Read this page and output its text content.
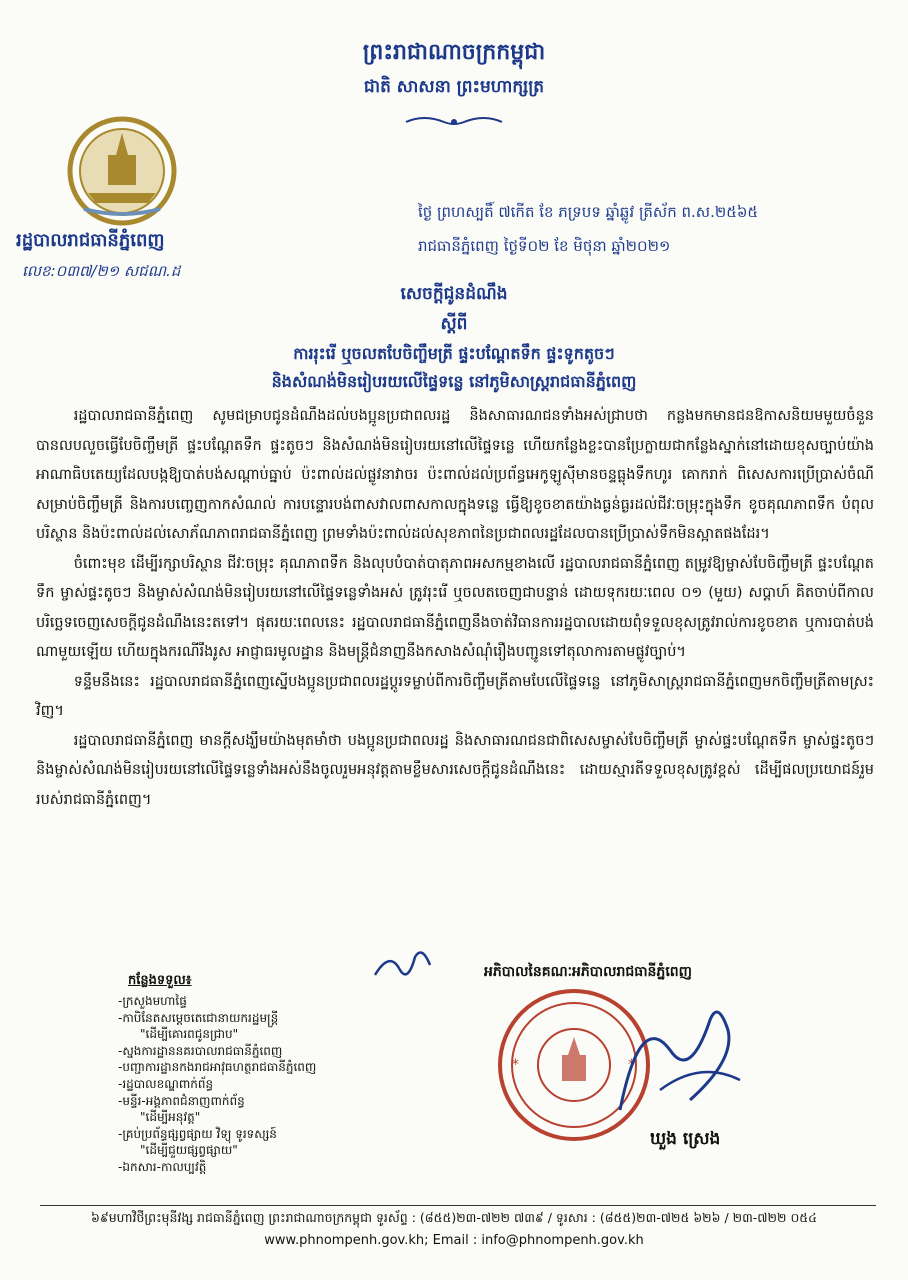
ព្រះរាជាណាចក្រកម្ពុជា
ជាតិ សាសនា ព្រះមហាក្សត្រ
រដ្ឋបាលរាជធានីភ្នំពេញ
លេខ:០៣៧/២១ សជណ.ដ
ថ្ងៃ ព្រហស្បតិ៍ ៧កើត ខែ ភទ្របទ ឆ្នាំឆ្លូវ ត្រីស័ក ព.ស.២៥៦៥
រាជធានីភ្នំពេញ ថ្ងៃទី០២ ខែ មិថុនា ឆ្នាំ២០២១
សេចក្តីជូនដំណឹង
ស្តីពី
ការរុះរើ ឬចលតបែចិញ្ចឹមត្រី ផ្ទះបណ្តែតទឹក ផ្ទះទូកតូចៗ
និងសំណង់មិនរៀបរយលើផ្ទៃទន្លេ នៅភូមិសាស្ត្ររាជធានីភ្នំពេញ

រដ្ឋបាលរាជធានីភ្នំពេញ សូមជម្រាបជូនដំណឹងដល់បងប្អូនប្រជាពលរដ្ឋ និងសាធារណជនទាំងអស់ជ្រាបថា កន្លងមកមានជនឱកាសនិយមមួយចំនួនបានលបលួចធ្វើបែចិញ្ចឹមត្រី ផ្ទះបណ្តែតទឹក ផ្ទះតូចៗ និងសំណង់មិនរៀបរយនៅលើផ្ទៃទន្លេ ហើយកន្លែងខ្លះបានប្រែក្លាយជាកន្លែងស្នាក់នៅដោយខុសច្បាប់យ៉ាងអាណាធិបតេយ្យដែលបង្កឱ្យបាត់បង់សណ្តាប់ធ្នាប់ ប៉ះពាល់ដល់ផ្លូវនាវាចរ ប៉ះពាល់ដល់ប្រព័ន្ធអេកូឡូស៊ីមានចន្ទធ្លុងទឹកហូរ គោករាក់ ពិសេសការប្រើប្រាស់ចំណីសម្រាប់ចិញ្ចឹមត្រី និងការបញ្ចេញកាកសំណល់ ការបន្ទោរបង់ពាសវាលពាសកាលក្នុងទន្លេ ធ្វើឱ្យខូចខាតយ៉ាងធ្ងន់ធ្ងរដល់ជីវៈចម្រុះក្នុងទឹក ខូចគុណភាពទឹក បំពុលបរិស្ថាន និងប៉ះពាល់ដល់សោភ័ណភាពរាជធានីភ្នំពេញ ព្រមទាំងប៉ះពាល់ដល់សុខភាពនៃប្រជាពលរដ្ឋដែលបានប្រើប្រាស់ទឹកមិនស្អាតផងដែរ។

ចំពោះមុខ ដើម្បីរក្សាបរិស្ថាន ជីវៈចម្រុះ គុណភាពទឹក និងលុបបំបាត់បាតុភាពអសកម្មខាងលើ រដ្ឋបាលរាជធានីភ្នំពេញ តម្រូវឱ្យម្ចាស់បែចិញ្ចឹមត្រី ផ្ទះបណ្តែតទឹក ម្ចាស់ផ្ទះតូចៗ និងម្ចាស់សំណង់មិនរៀបរយនៅលើផ្ទៃទន្លេទាំងអស់ ត្រូវរុះរើ ឬចលតចេញជាបន្ទាន់ ដោយទុករយៈពេល ០១ (មួយ) សប្តាហ៍ គិតចាប់ពីកាលបរិច្ឆេទចេញសេចក្តីជូនដំណឹងនេះតទៅ។ ផុតរយៈពេលនេះ រដ្ឋបាលរាជធានីភ្នំពេញនឹងចាត់វិធានការរដ្ឋបាលដោយពុំទទួលខុសត្រូវរាល់ការខូចខាត ឬការបាត់បង់ណាមួយឡើយ ហើយក្នុងករណីរឹងរូស អាជ្ញាធរមូលដ្ឋាន និងមន្ត្រីជំនាញនឹងកសាងសំណុំរឿងបញ្ជូនទៅតុលាការតាមផ្លូវច្បាប់។

ទន្ទឹមនឹងនេះ រដ្ឋបាលរាជធានីភ្នំពេញស្នើបងប្អូនប្រជាពលរដ្ឋប្តូរទម្លាប់ពីការចិញ្ចឹមត្រីតាមបែលើផ្ទៃទន្លេ នៅភូមិសាស្ត្ររាជធានីភ្នំពេញមកចិញ្ចឹមត្រីតាមស្រះវិញ។

រដ្ឋបាលរាជធានីភ្នំពេញ មានក្តីសង្ឃឹមយ៉ាងមុតមាំថា បងប្អូនប្រជាពលរដ្ឋ និងសាធារណជនជាពិសេសម្ចាស់បែចិញ្ចឹមត្រី ម្ចាស់ផ្ទះបណ្តែតទឹក ម្ចាស់ផ្ទះតូចៗ និងម្ចាស់សំណង់មិនរៀបរយនៅលើផ្ទៃទន្លេទាំងអស់នឹងចូលរួមអនុវត្តតាមខ្លឹមសារសេចក្តីជូនដំណឹងនេះ ដោយស្មារតីទទួលខុសត្រូវខ្ពស់ ដើម្បីផលប្រយោជន៍រួមរបស់រាជធានីភ្នំពេញ។

កន្លែងទទួល៖
-ក្រសួងមហាផ្ទៃ
-កាបិនែតសម្តេចតេជោនាយករដ្ឋមន្ត្រី
"ដើម្បីគោរពជូនជ្រាប"
-ស្នងការដ្ឋាននគរបាលរាជធានីភ្នំពេញ
-បញ្ជាការដ្ឋានកងរាជអាវុធហត្ថរាជធានីភ្នំពេញ
-រដ្ឋបាលខណ្ឌពាក់ព័ន្ធ
-មន្ទីរ-អង្គភាពជំនាញពាក់ព័ន្ធ
"ដើម្បីអនុវត្ត"
-គ្រប់ប្រព័ន្ធផ្សព្វផ្សាយ វិទ្យុ ទូរទស្សន៍
"ដើម្បីជួយផ្សព្វផ្សាយ"
-ឯកសារ-កាលប្បវត្តិ
អភិបាលនៃគណៈអភិបាលរាជធានីភ្នំពេញ
*	*
ឃួង ស្រេង
៦៩មហាវិថីព្រះមុនីវង្ស រាជធានីភ្នំពេញ ព្រះរាជាណាចក្រកម្ពុជា ទូរស័ព្ទ : (៨៥៥)២៣-៧២២ ៧៣៩ / ទូរសារ : (៨៥៥)២៣-៧២៥ ៦២៦ / ២៣-៧២២ ០៥៤
www.phnompenh.gov.kh; Email : info@phnompenh.gov.kh
